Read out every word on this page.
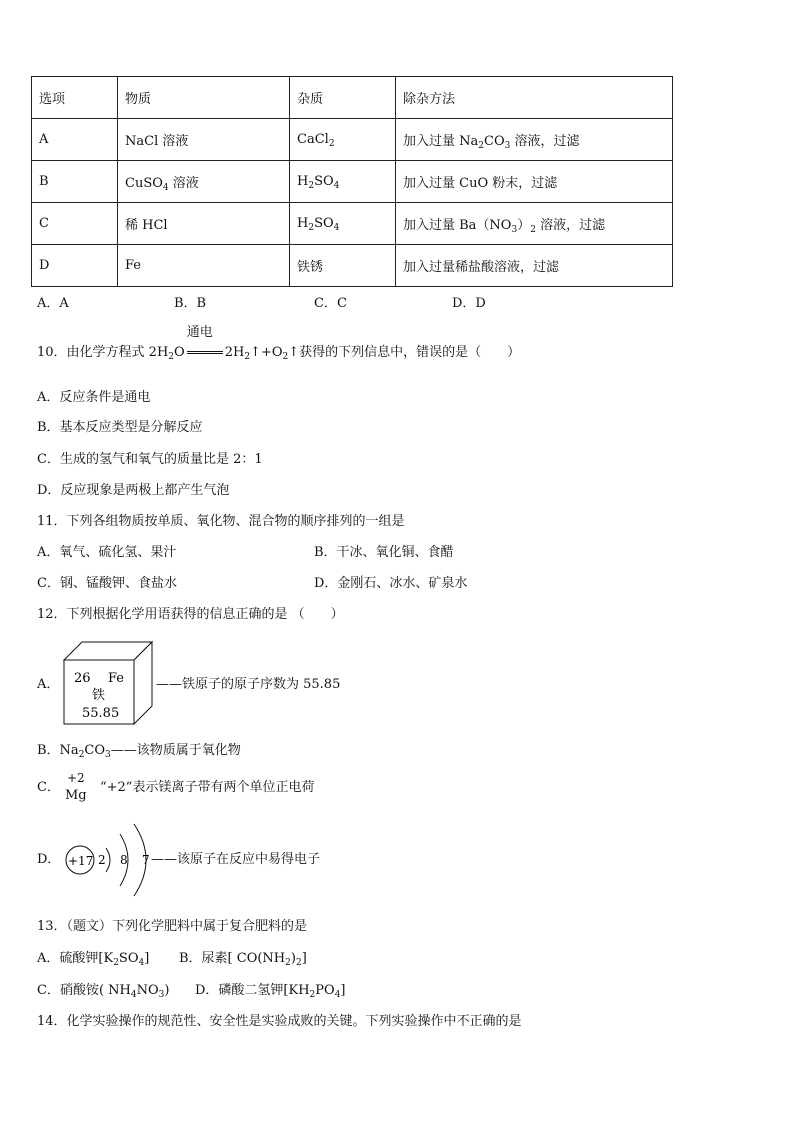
选项	物质	杂质	除杂方法
A	NaCl 溶液	CaCl$_2$	加入过量 $Na_2CO_3$ 溶液，过滤
B	CuSO$_4$ 溶液	$H_2SO_4$	加入过量 CuO 粉末，过滤
C	稀 HCl	$H_2SO_4$	加入过量 $Ba(NO_3)_2$ 溶液，过滤
D	Fe	铁锈	加入过量稀盐酸溶液，过滤
A．A	B．B	C．C	D．D
10．由化学方程式 $2H_2O$
通电
$2H_2↑+O_2↑$获得的下列信息中，错误的是（　　）
A．反应条件是通电
B．基本反应类型是分解反应
C．生成的氢气和氧气的质量比是 2：1
D．反应现象是两极上都产生气泡
11．下列各组物质按单质、氧化物、混合物的顺序排列的一组是
A．氧气、硫化氢、果汁	B．干冰、氧化铜、食醋
C．钢、锰酸钾、食盐水	D．金刚石、冰水、矿泉水
12．下列根据化学用语获得的信息正确的是 （　　）
A． 26 Fe
铁
55.85
——铁原子的原子序数为 55.85
B．$Na_2CO_3——$该物质属于氧化物
C．
+2
Mg
“+2”表示镁离子带有两个单位正电荷
D． +17 2 8 7 ——该原子在反应中易得电子
13．（题文）下列化学肥料中属于复合肥料的是
A．硫酸钾$[K_2SO_4]$ B．尿素[ $CO(NH_2)_2$]
C．硝酸铵( $NH_4NO_3$) D．磷酸二氢钾$[KH_2PO_4]$
14．化学实验操作的规范性、安全性是实验成败的关键。下列实验操作中不正确的是
